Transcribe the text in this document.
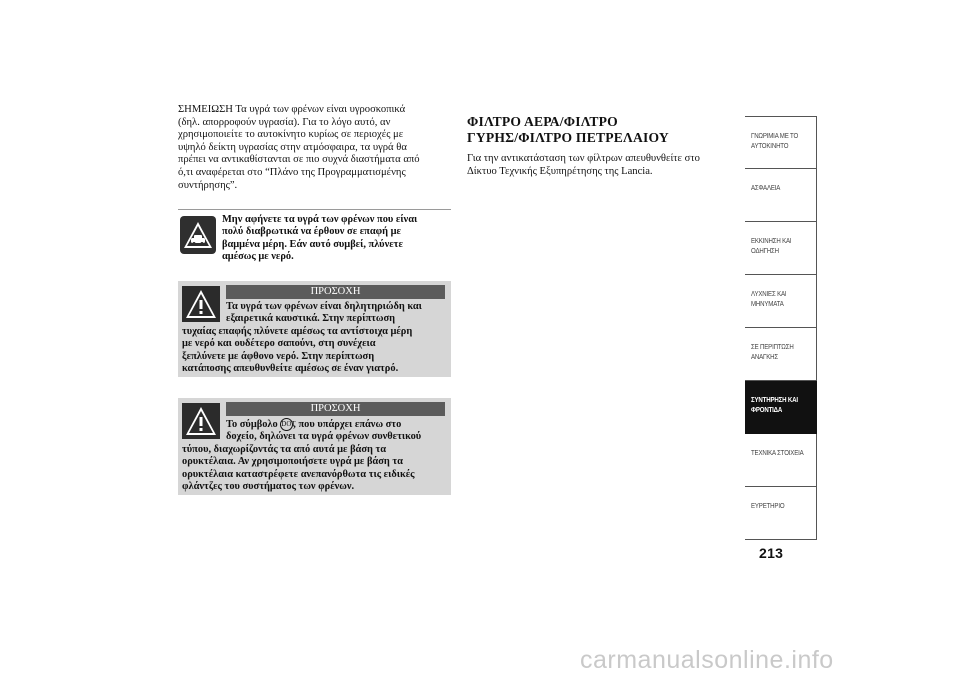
ΣΗΜΕΙΩΣΗ Τα υγρά των φρένων είναι υγροσκοπικά
(δηλ. απορροφούν υγρασία). Για το λόγο αυτό, αν
χρησιμοποιείτε το αυτοκίνητο κυρίως σε περιοχές με
υψηλό δείκτη υγρασίας στην ατμόσφαιρα, τα υγρά θα
πρέπει να αντικαθίστανται σε πιο συχνά διαστήματα από
ό,τι αναφέρεται στο “Πλάνο της Προγραμματισμένης
συντήρησης”.

Μην αφήνετε τα υγρά των φρένων που είναι
πολύ διαβρωτικά να έρθουν σε επαφή με
βαμμένα μέρη. Εάν αυτό συμβεί, πλύνετε
αμέσως με νερό.

ΠΡΟΣΟΧΗ

Τα υγρά των φρένων είναι δηλητηριώδη και
εξαιρετικά καυστικά. Στην περίπτωση
τυχαίας επαφής πλύνετε αμέσως τα αντίστοιχα μέρη
με νερό και ουδέτερο σαπούνι, στη συνέχεια
ξεπλύνετε με άφθονο νερό. Στην περίπτωση
κατάποσης απευθυνθείτε αμέσως σε έναν γιατρό.

ΠΡΟΣΟΧΗ

Το σύμβολο DOT, που υπάρχει επάνω στο
δοχείο, δηλώνει τα υγρά φρένων συνθετικού
τύπου, διαχωρίζοντάς τα από αυτά με βάση τα
ορυκτέλαια. Αν χρησιμοποιήσετε υγρά με βάση τα
ορυκτέλαια καταστρέφετε ανεπανόρθωτα τις ειδικές
φλάντζες του συστήματος των φρένων.

ΦΙΛΤΡΟ ΑΕΡΑ/ΦΙΛΤΡΟ
ΓΥΡΗΣ/ΦΙΛΤΡΟ ΠΕΤΡΕΛΑΙΟΥ

Για την αντικατάσταση των φίλτρων απευθυνθείτε στο
Δίκτυο Τεχνικής Εξυπηρέτησης της Lancia.

ΓΝΩΡΙΜΙΑ ΜΕ ΤΟ
ΑΥΤΟΚΙΝΗΤΟ
ΑΣΦΑΛΕΙΑ
ΕΚΚΙΝΗΣΗ ΚΑΙ
ΟΔΗΓΗΣΗ
ΛΥΧΝΙΕΣ ΚΑΙ
ΜΗΝΥΜΑΤΑ
ΣΕ ΠΕΡΙΠΤΩΣΗ
ΑΝΑΓΚΗΣ
ΣΥΝΤΗΡΗΣΗ ΚΑΙ
ΦΡΟΝΤΙΔΑ
ΤΕΧΝΙΚΑ ΣΤΟΙΧΕΙΑ
ΕΥΡΕΤΗΡΙΟ
213
carmanualsonline.info
